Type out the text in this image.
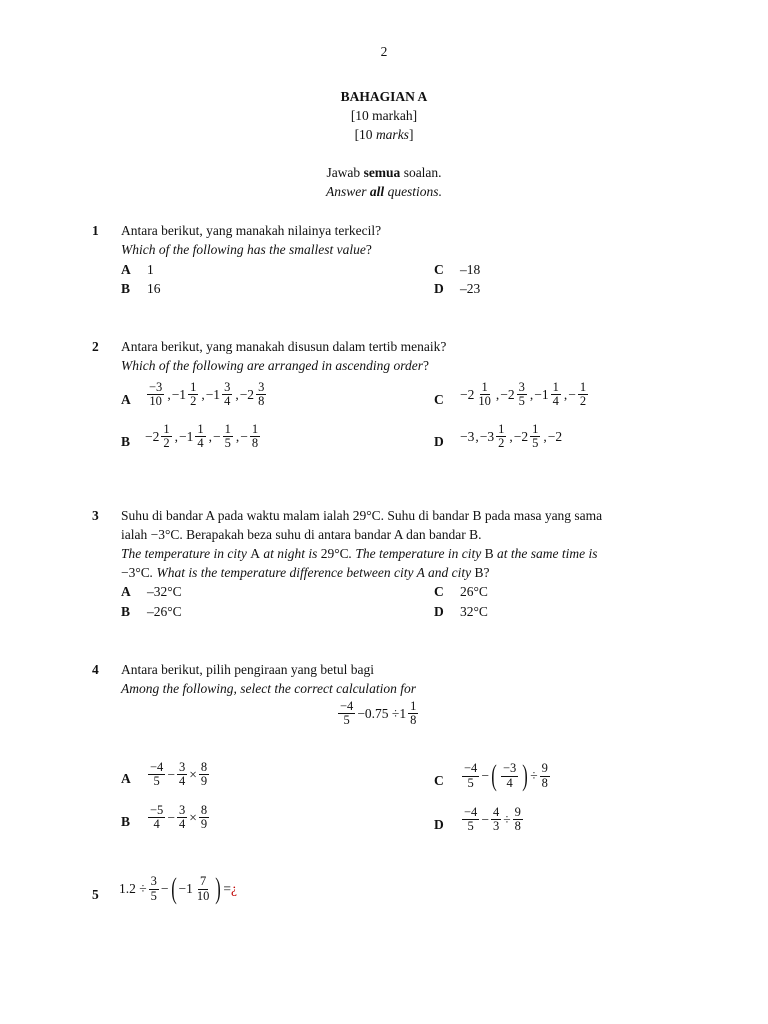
2
BAHAGIAN A
[10 markah]
[10 marks]
Jawab semua soalan.
Answer all questions.
1 Antara berikut, yang manakah nilainya terkecil?
Which of the following has the smallest value?
A 1
B 16
C –18
D –23
2 Antara berikut, yang manakah disusun dalam tertib menaik?
Which of the following are arranged in ascending order?
A $\frac{-3}{10}$ , $-1 \frac{1}{2}$ , $-1 \frac{3}{4}$ , $-2 \frac{3}{8}$	$C -2 \frac{1}{10}$ , $-2 \frac{3}{5}$ , $-1 \frac{1}{4}$ , − $\frac{1}{2}$
$B -2 \frac{1}{2}$ , $-1 \frac{1}{4}$ , − $\frac{1}{5}$ , − $\frac{1}{8}$	D −3 , $-3 \frac{1}{2}$ , $-2 \frac{1}{5}$ , −2
3 Suhu di bandar A pada waktu malam ialah 29°C. Suhu di bandar B pada masa yang sama
ialah −3°C. Berapakah beza suhu di antara bandar A dan bandar B.
The temperature in city A at night is 29°C. The temperature in city B at the same time is
−3°C. What is the temperature difference between city A and city B?
A –32°C
B –26°C
C 26°C
D 32°C
4 Antara berikut, pilih pengiraan yang betul bagi
Among the following, select the correct calculation for
$\frac{-4}{5} -0.75 \div 1 \frac{1}{8}$
A $\frac{-4}{5} - \frac{3}{4} \times \frac{8}{9}$	C $\frac{-4}{5}$ − ( $\frac{-3}{4}$ ) ÷ $\frac{9}{8}$
B $\frac{-5}{4} - \frac{3}{4} \times \frac{8}{9}$	D $\frac{-4}{5} - \frac{4}{3} \div \frac{9}{8}$
5 $1.2 \div \frac{3}{5}$ − ( $-1 \frac{7}{10}$ ) = ¿
